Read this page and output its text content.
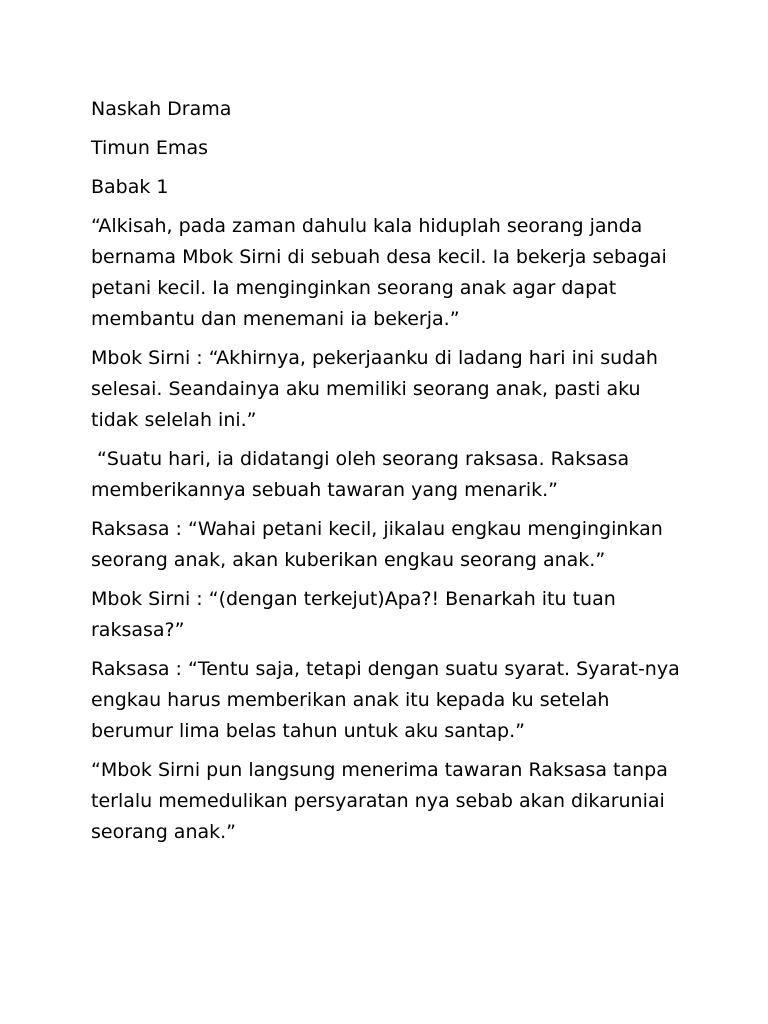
Naskah Drama

Timun Emas

Babak 1

“Alkisah, pada zaman dahulu kala hiduplah seorang janda bernama Mbok Sirni di sebuah desa kecil. Ia bekerja sebagai petani kecil. Ia menginginkan seorang anak agar dapat membantu dan menemani ia bekerja.”

Mbok Sirni : “Akhirnya, pekerjaanku di ladang hari ini sudah selesai. Seandainya aku memiliki seorang anak, pasti aku tidak selelah ini.”

“Suatu hari, ia didatangi oleh seorang raksasa. Raksasa memberikannya sebuah tawaran yang menarik.”

Raksasa : “Wahai petani kecil, jikalau engkau menginginkan seorang anak, akan kuberikan engkau seorang anak.”

Mbok Sirni : “(dengan terkejut)Apa?! Benarkah itu tuan raksasa?”

Raksasa : “Tentu saja, tetapi dengan suatu syarat. Syarat-nya engkau harus memberikan anak itu kepada ku setelah berumur lima belas tahun untuk aku santap.”

“Mbok Sirni pun langsung menerima tawaran Raksasa tanpa terlalu memedulikan persyaratan nya sebab akan dikaruniai seorang anak.”
